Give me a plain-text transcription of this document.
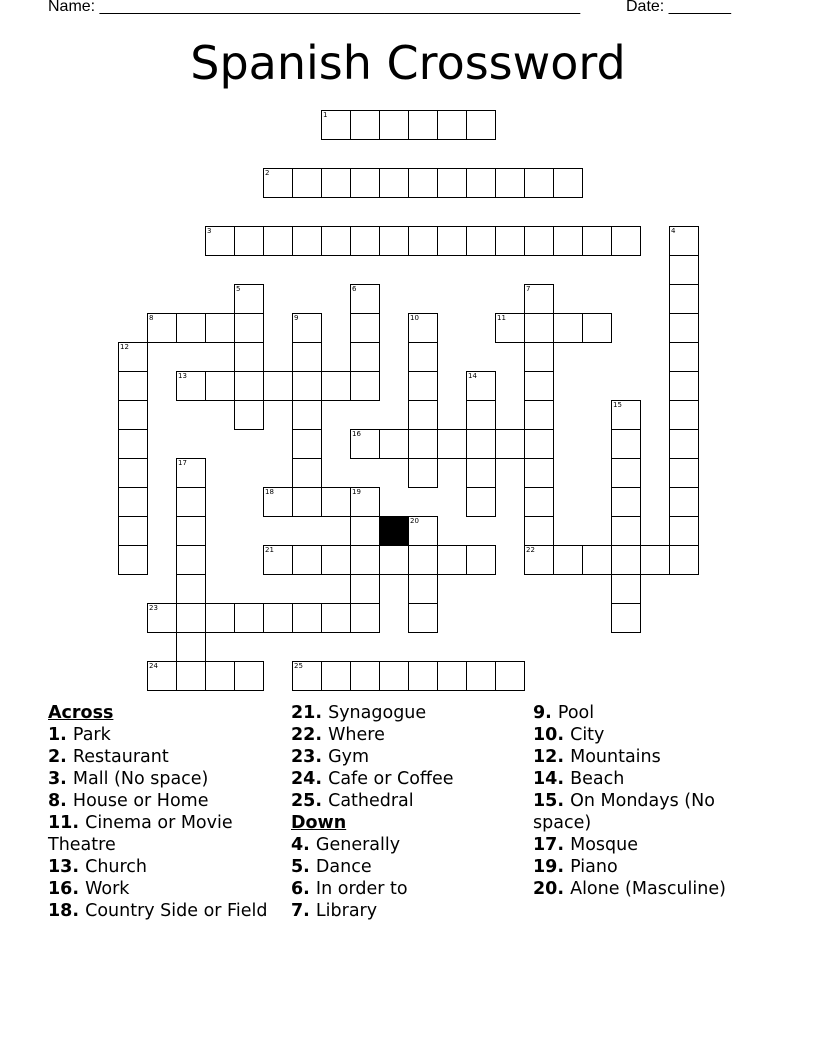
Name: ______________________________________________________	Date: _______
Spanish Crossword
1
2
3	4
5	6	7
8	9	10	11
12
13	14
15
16
17
18	19
20
21	22
23
24	25
Across
1. Park
2. Restaurant
3. Mall (No space)
8. House or Home
11. Cinema or Movie Theatre
13. Church
16. Work
18. Country Side or Field
21. Synagogue
22. Where
23. Gym
24. Cafe or Coffee
25. Cathedral
Down
4. Generally
5. Dance
6. In order to
7. Library
9. Pool
10. City
12. Mountains
14. Beach
15. On Mondays (No space)
17. Mosque
19. Piano
20. Alone (Masculine)
